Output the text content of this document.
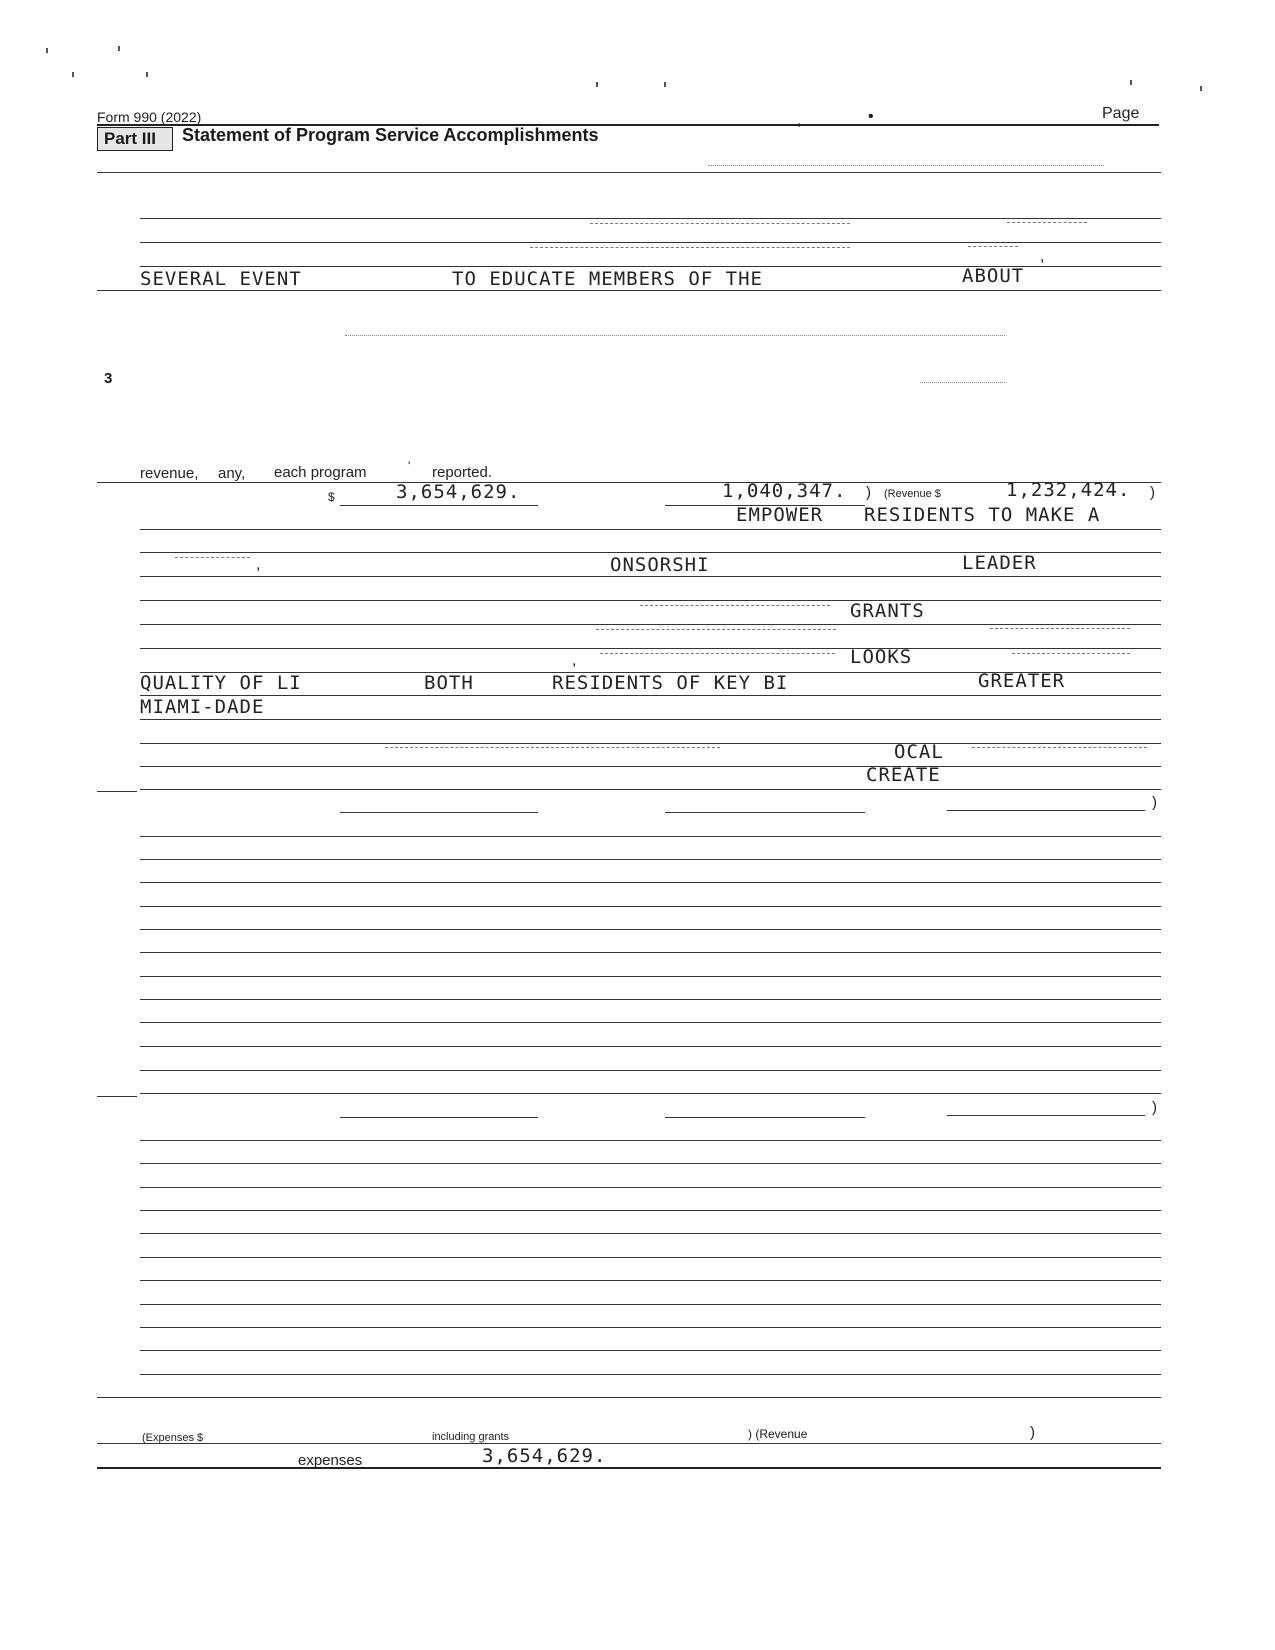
Form 990 (2022)	,	•	Page
Part III Statement of Program Service Accomplishments
,
SEVERAL EVENT	TO EDUCATE MEMBERS OF THE	ABOUT
3
revenue, any, each program	' reported.
$	3,654,629.	1,040,347. ) (Revenue $	1,232,424. )
EMPOWER RESIDENTS TO MAKE A
,	ONSORSHI	LEADER
GRANTS
LOOKS
,
QUALITY OF LI	BOTH	RESIDENTS OF KEY BI	GREATER
MIAMI-DADE
OCAL
CREATE
)
)
(Expenses $	including grants	) (Revenue	)
expenses	3,654,629.
